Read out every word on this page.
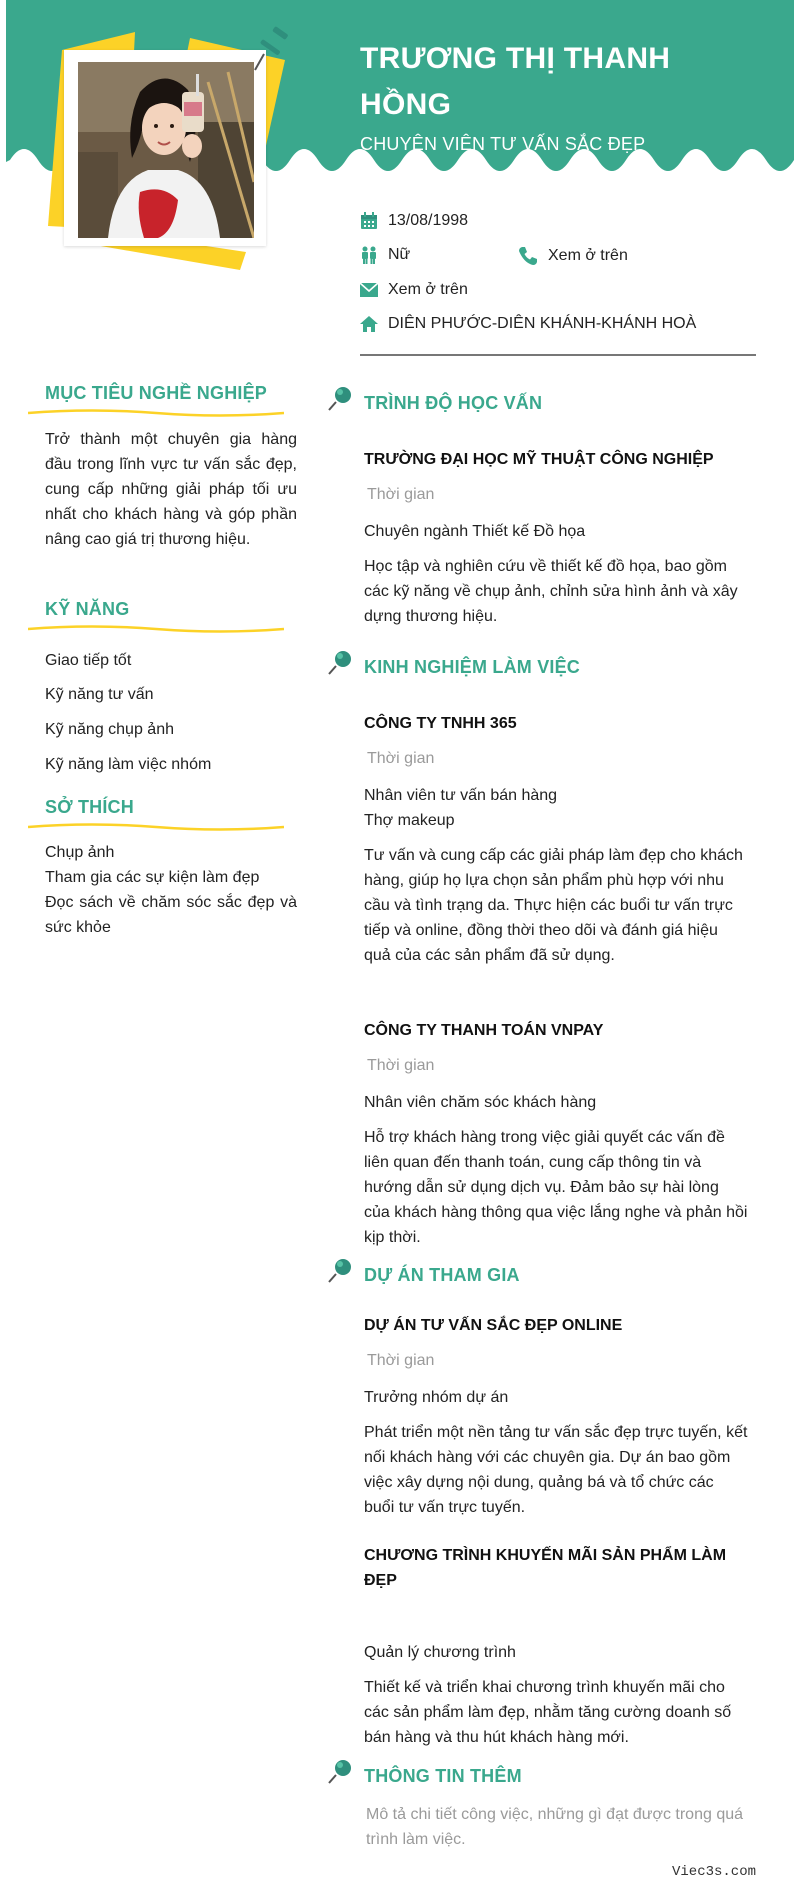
TRƯƠNG THỊ THANH HỒNG
CHUYÊN VIÊN TƯ VẤN SẮC ĐẸP
13/08/1998
Nữ	Xem ở trên
Xem ở trên
DIÊN PHƯỚC-DIÊN KHÁNH-KHÁNH HOÀ
MỤC TIÊU NGHỀ NGHIỆP
Trở thành một chuyên gia hàng đầu trong lĩnh vực tư vấn sắc đẹp, cung cấp những giải pháp tối ưu nhất cho khách hàng và góp phần nâng cao giá trị thương hiệu.
KỸ NĂNG
Giao tiếp tốt
Kỹ năng tư vấn
Kỹ năng chụp ảnh
Kỹ năng làm việc nhóm
SỞ THÍCH
Chụp ảnh
Tham gia các sự kiện làm đẹp
Đọc sách về chăm sóc sắc đẹp và sức khỏe
TRÌNH ĐỘ HỌC VẤN
TRƯỜNG ĐẠI HỌC MỸ THUẬT CÔNG NGHIỆP
Thời gian
Chuyên ngành Thiết kế Đồ họa
Học tập và nghiên cứu về thiết kế đồ họa, bao gồm các kỹ năng về chụp ảnh, chỉnh sửa hình ảnh và xây dựng thương hiệu.
KINH NGHIỆM LÀM VIỆC
CÔNG TY TNHH 365
Thời gian
Nhân viên tư vấn bán hàng
Thợ makeup
Tư vấn và cung cấp các giải pháp làm đẹp cho khách hàng, giúp họ lựa chọn sản phẩm phù hợp với nhu cầu và tình trạng da. Thực hiện các buổi tư vấn trực tiếp và online, đồng thời theo dõi và đánh giá hiệu quả của các sản phẩm đã sử dụng.
CÔNG TY THANH TOÁN VNPAY
Thời gian
Nhân viên chăm sóc khách hàng
Hỗ trợ khách hàng trong việc giải quyết các vấn đề liên quan đến thanh toán, cung cấp thông tin và hướng dẫn sử dụng dịch vụ. Đảm bảo sự hài lòng của khách hàng thông qua việc lắng nghe và phản hồi kịp thời.
DỰ ÁN THAM GIA
DỰ ÁN TƯ VẤN SẮC ĐẸP ONLINE
Thời gian
Trưởng nhóm dự án
Phát triển một nền tảng tư vấn sắc đẹp trực tuyến, kết nối khách hàng với các chuyên gia. Dự án bao gồm việc xây dựng nội dung, quảng bá và tổ chức các buổi tư vấn trực tuyến.
CHƯƠNG TRÌNH KHUYẾN MÃI SẢN PHẨM LÀM ĐẸP
Quản lý chương trình
Thiết kế và triển khai chương trình khuyến mãi cho các sản phẩm làm đẹp, nhằm tăng cường doanh số bán hàng và thu hút khách hàng mới.
THÔNG TIN THÊM
Mô tả chi tiết công việc, những gì đạt được trong quá trình làm việc.
Viec3s.com
